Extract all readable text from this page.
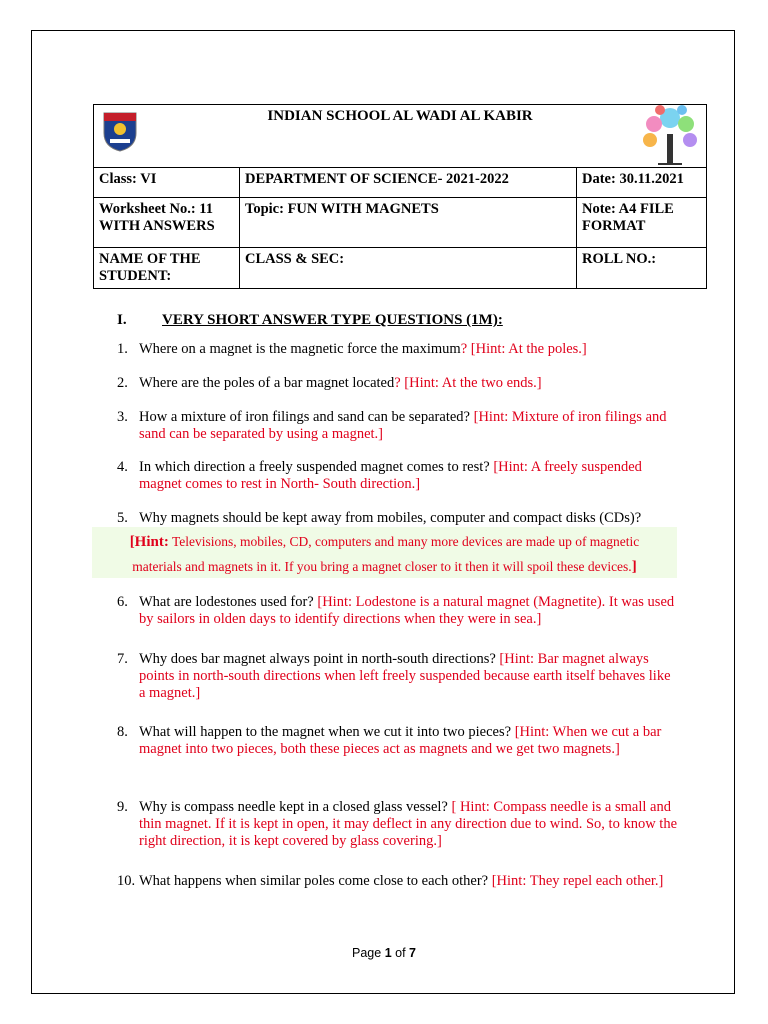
INDIAN SCHOOL AL WADI AL KABIR		

Class: VI	DEPARTMENT OF SCIENCE- 2021-2022	Date: 30.11.2021
Worksheet No.: 11 WITH ANSWERS	Topic: FUN WITH MAGNETS	Note: A4 FILE FORMAT
NAME OF THE STUDENT:	CLASS & SEC:	ROLL NO.:
I. VERY SHORT ANSWER TYPE QUESTIONS (1M):
1. Where on a magnet is the magnetic force the maximum? [Hint: At the poles.]
2. Where are the poles of a bar magnet located? [Hint: At the two ends.]
3. How a mixture of iron filings and sand can be separated? [Hint: Mixture of iron filings and sand can be separated by using a magnet.]
4. In which direction a freely suspended magnet comes to rest? [Hint: A freely suspended magnet comes to rest in North- South direction.]
5. Why magnets should be kept away from mobiles, computer and compact disks (CDs)?
[Hint: Televisions, mobiles, CD, computers and many more devices are made up of magnetic
materials and magnets in it. If you bring a magnet closer to it then it will spoil these devices.]
6. What are lodestones used for? [Hint: Lodestone is a natural magnet (Magnetite). It was used by sailors in olden days to identify directions when they were in sea.]
7. Why does bar magnet always point in north-south directions? [Hint: Bar magnet always points in north-south directions when left freely suspended because earth itself behaves like a magnet.]
8. What will happen to the magnet when we cut it into two pieces? [Hint: When we cut a bar magnet into two pieces, both these pieces act as magnets and we get two magnets.]
9. Why is compass needle kept in a closed glass vessel? [ Hint: Compass needle is a small and thin magnet. If it is kept in open, it may deflect in any direction due to wind. So, to know the right direction, it is kept covered by glass covering.]
10. What happens when similar poles come close to each other? [Hint: They repel each other.]
Page 1 of 7
